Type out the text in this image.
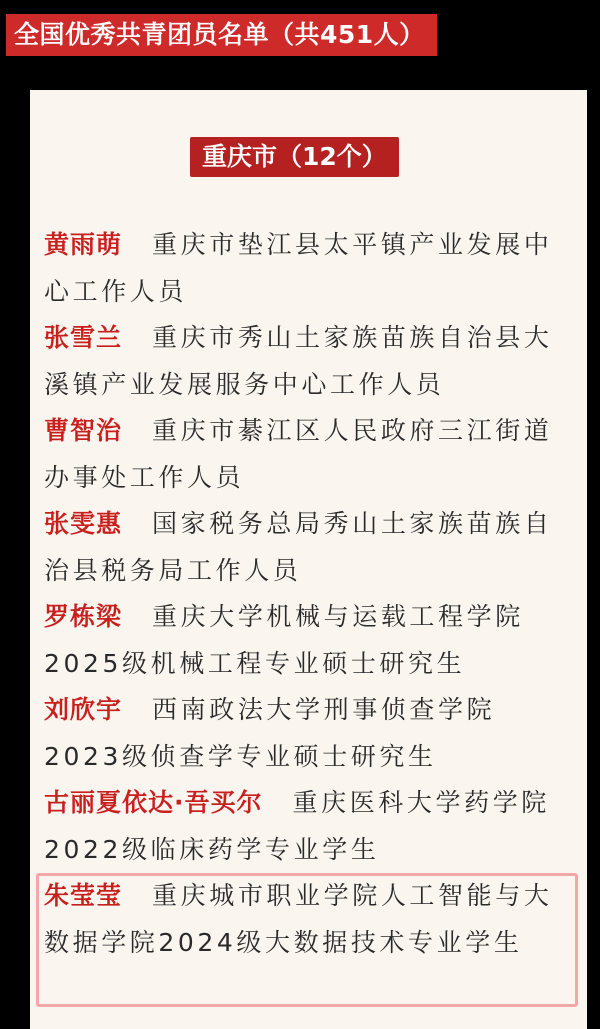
全国优秀共青团员名单（共451人）
重庆市（12个）
黄雨萌 重庆市垫江县太平镇产业发展中心工作人员
张雪兰 重庆市秀山土家族苗族自治县大溪镇产业发展服务中心工作人员
曹智治 重庆市綦江区人民政府三江街道办事处工作人员
张雯惠 国家税务总局秀山土家族苗族自治县税务局工作人员
罗栋梁 重庆大学机械与运载工程学院2025级机械工程专业硕士研究生
刘欣宇 西南政法大学刑事侦查学院2023级侦查学专业硕士研究生
古丽夏依达·吾买尔 重庆医科大学药学院2022级临床药学专业学生
朱莹莹 重庆城市职业学院人工智能与大数据学院2024级大数据技术专业学生
